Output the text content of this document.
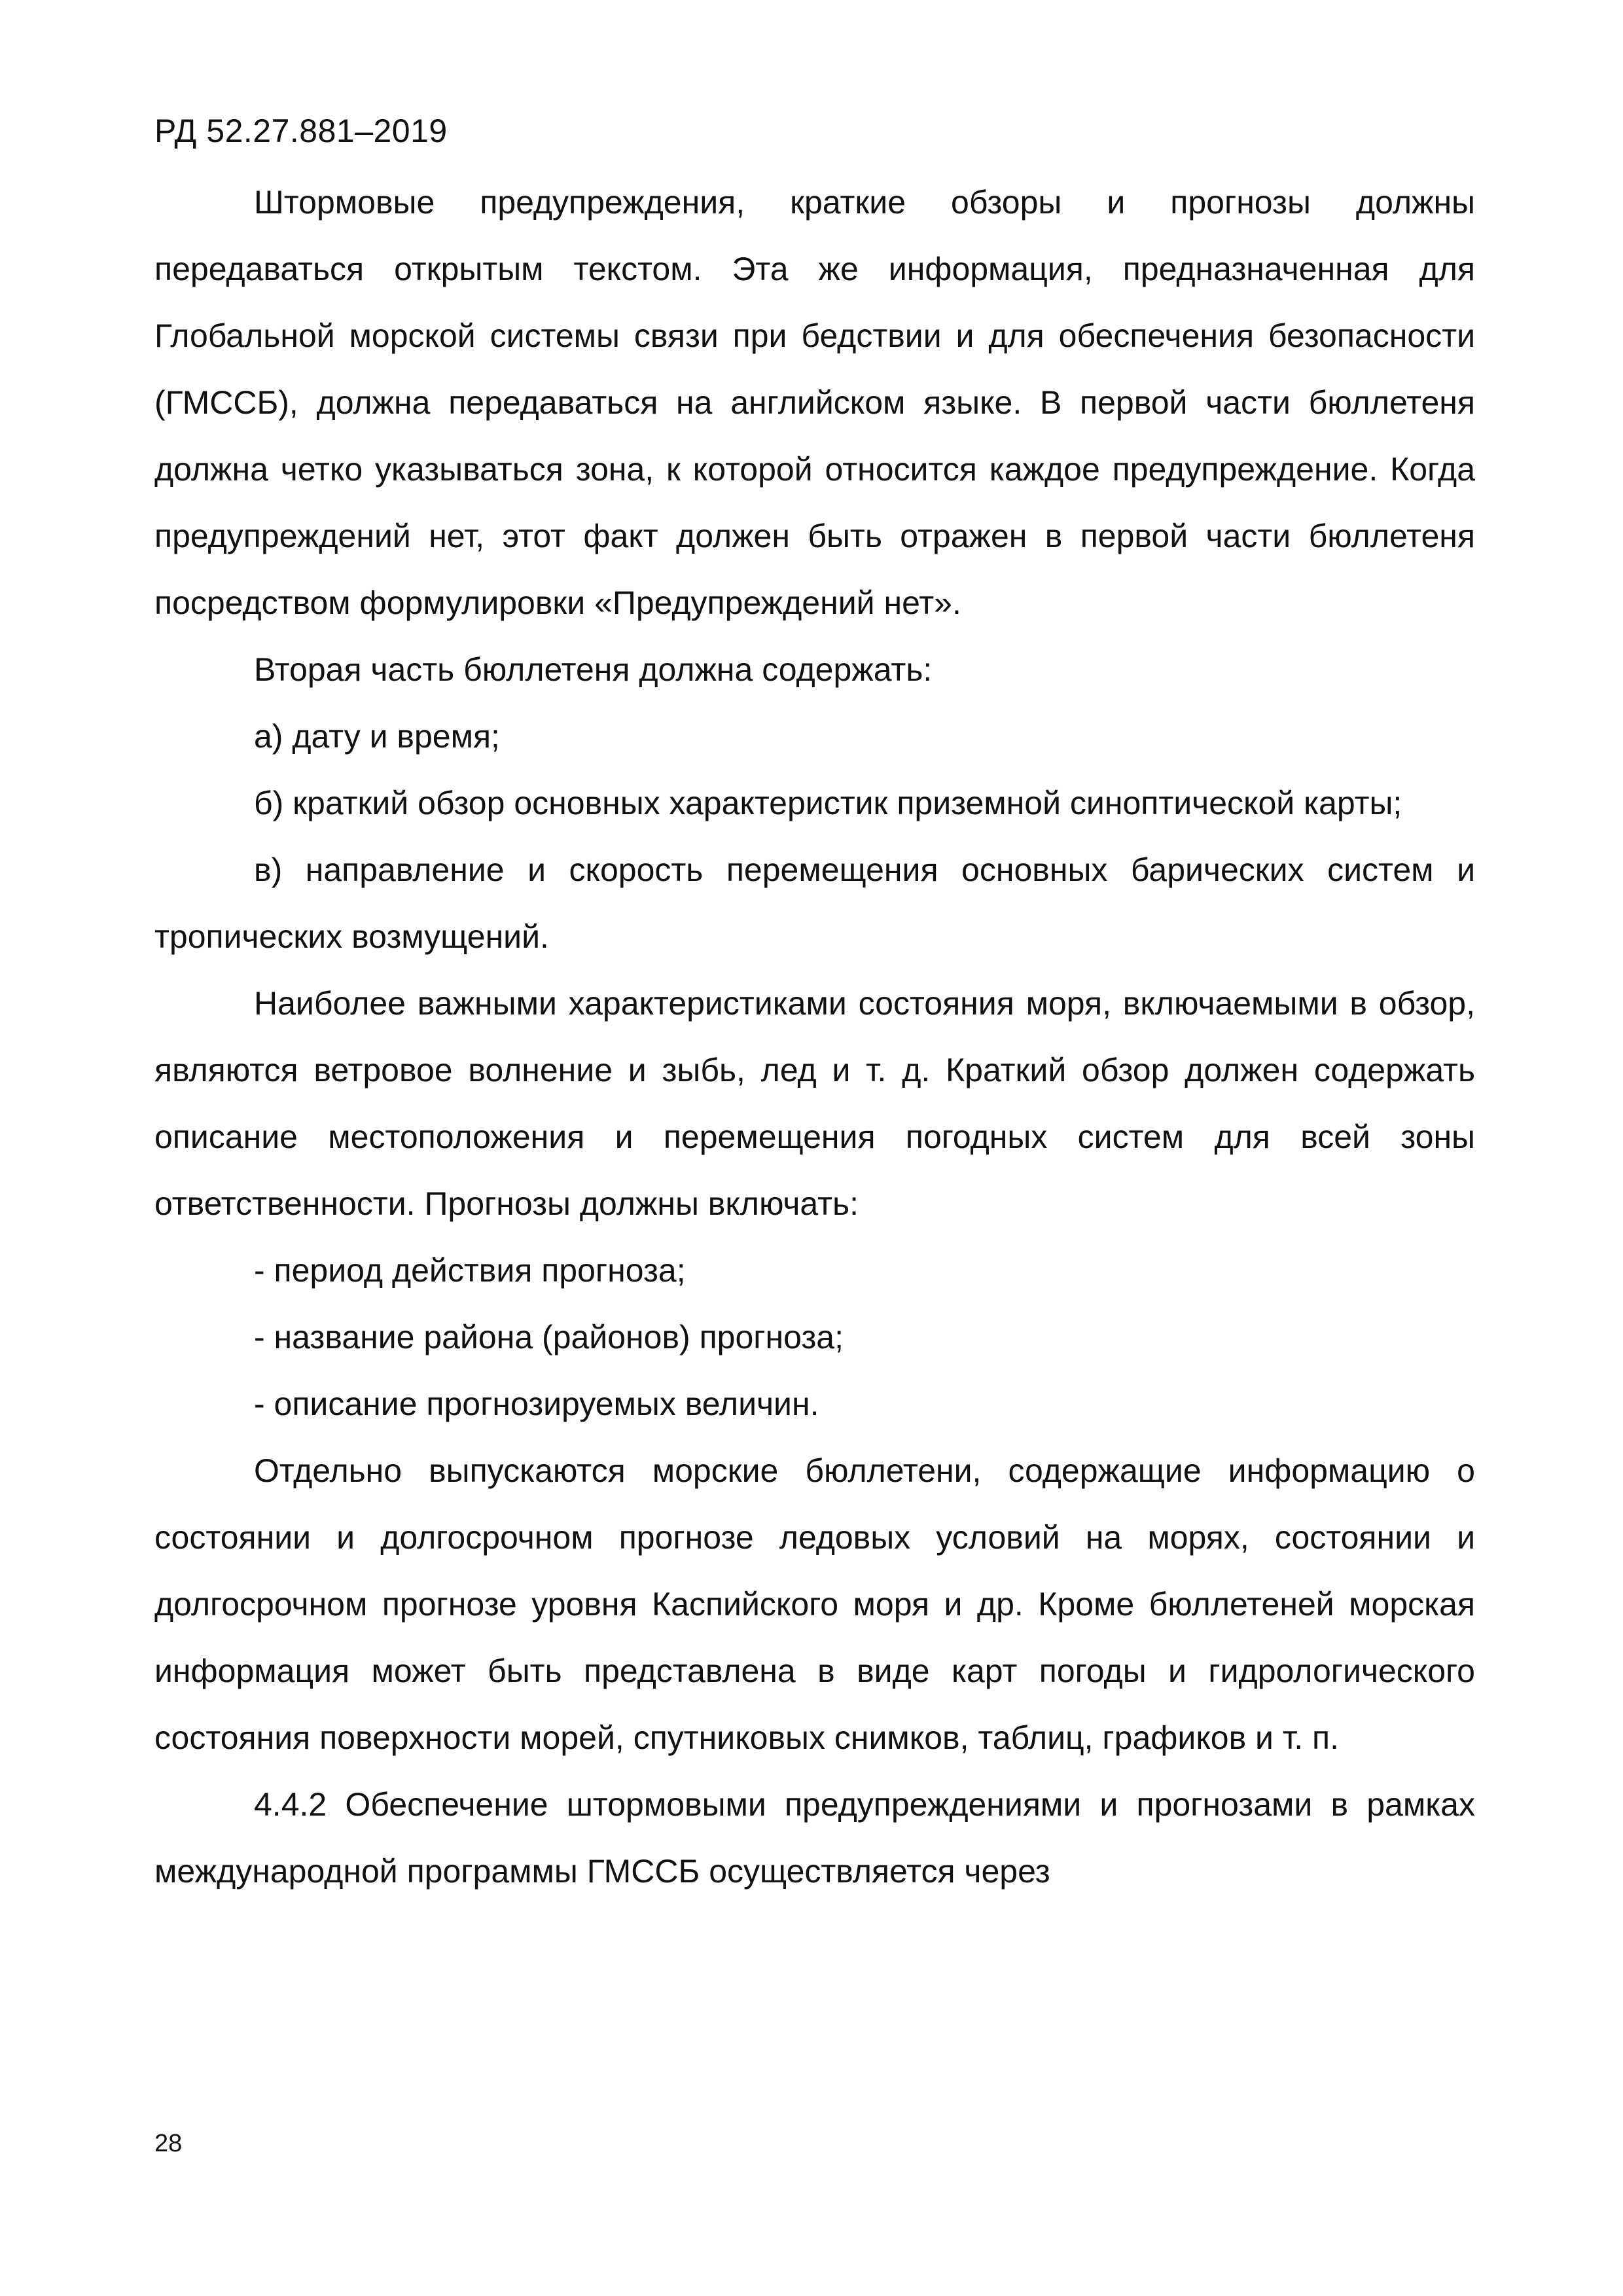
РД 52.27.881–2019

Штормовые предупреждения, краткие обзоры и прогнозы должны передаваться открытым текстом. Эта же информация, предназначенная для Глобальной морской системы связи при бедствии и для обеспечения безопасности (ГМССБ), должна передаваться на английском языке. В первой части бюллетеня должна четко указываться зона, к которой относится каждое предупреждение. Когда предупреждений нет, этот факт должен быть отражен в первой части бюллетеня посредством формулировки «Предупреждений нет».

Вторая часть бюллетеня должна содержать:

а) дату и время;

б) краткий обзор основных характеристик приземной синоптической карты;

в) направление и скорость перемещения основных барических систем и тропических возмущений.

Наиболее важными характеристиками состояния моря, включаемыми в обзор, являются ветровое волнение и зыбь, лед и т. д. Краткий обзор должен содержать описание местоположения и перемещения погодных систем для всей зоны ответственности. Прогнозы должны включать:

- период действия прогноза;

- название района (районов) прогноза;

- описание прогнозируемых величин.

Отдельно выпускаются морские бюллетени, содержащие информацию о состоянии и долгосрочном прогнозе ледовых условий на морях, состоянии и долгосрочном прогнозе уровня Каспийского моря и др. Кроме бюллетеней морская информация может быть представлена в виде карт погоды и гидрологического состояния поверхности морей, спутниковых снимков, таблиц, графиков и т. п.

4.4.2 Обеспечение штормовыми предупреждениями и прогнозами в рамках международной программы ГМССБ осуществляется через

28
